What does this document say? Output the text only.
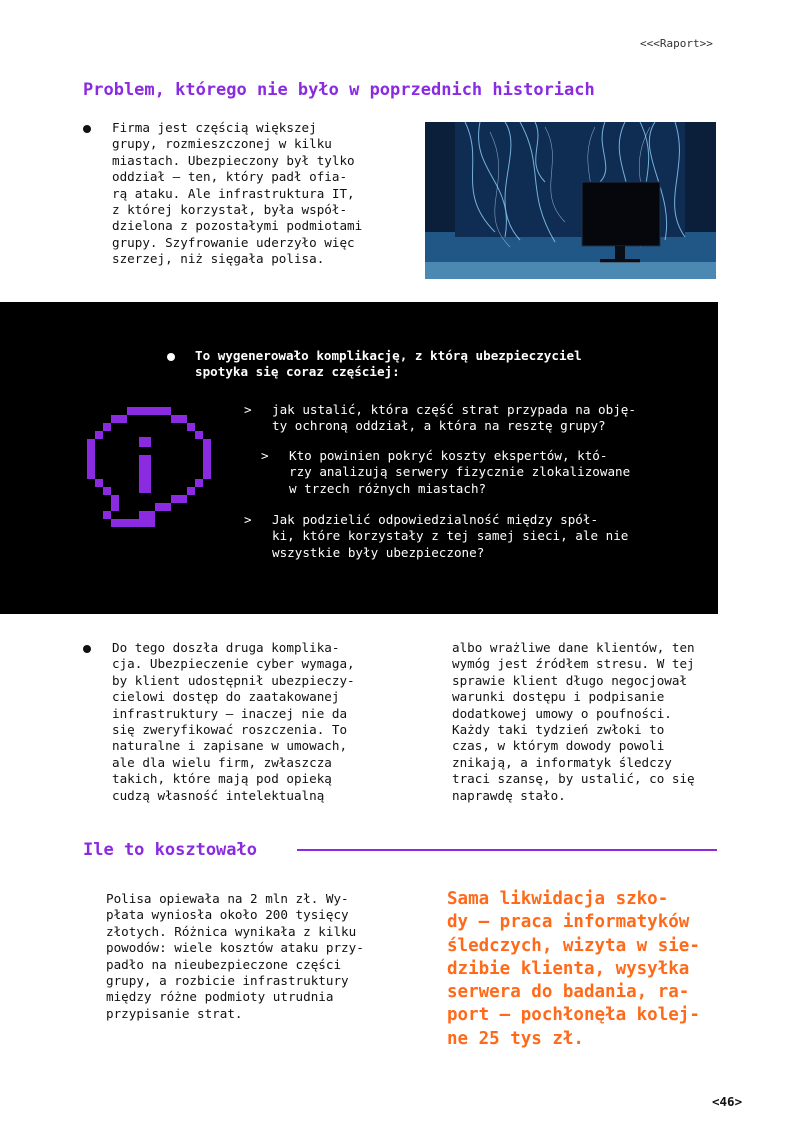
<<<Raport>>
Problem, którego nie było w poprzednich historiach

Firma jest częścią większej
grupy, rozmieszczonej w kilku
miastach. Ubezpieczony był tylko
oddział — ten, który padł ofia-
rą ataku. Ale infrastruktura IT,
z której korzystał, była współ-
dzielona z pozostałymi podmiotami
grupy. Szyfrowanie uderzyło więc
szerzej, niż sięgała polisa.

To wygenerowało komplikację, z którą ubezpieczyciel
spotyka się coraz częściej:

> jak ustalić, która część strat przypada na obję-
ty ochroną oddział, a która na resztę grupy?

> Kto powinien pokryć koszty ekspertów, któ-
rzy analizują serwery fizycznie zlokalizowane
w trzech różnych miastach?

> Jak podzielić odpowiedzialność między spół-
ki, które korzystały z tej samej sieci, ale nie
wszystkie były ubezpieczone?

Do tego doszła druga komplika-
cja. Ubezpieczenie cyber wymaga,
by klient udostępnił ubezpieczy-
cielowi dostęp do zaatakowanej
infrastruktury — inaczej nie da
się zweryfikować roszczenia. To
naturalne i zapisane w umowach,
ale dla wielu firm, zwłaszcza
takich, które mają pod opieką
cudzą własność intelektualną

albo wrażliwe dane klientów, ten
wymóg jest źródłem stresu. W tej
sprawie klient długo negocjował
warunki dostępu i podpisanie
dodatkowej umowy o poufności.
Każdy taki tydzień zwłoki to
czas, w którym dowody powoli
znikają, a informatyk śledczy
traci szansę, by ustalić, co się
naprawdę stało.

Ile to kosztowało

Polisa opiewała na 2 mln zł. Wy-
płata wyniosła około 200 tysięcy
złotych. Różnica wynikała z kilku
powodów: wiele kosztów ataku przy-
padło na nieubezpieczone części
grupy, a rozbicie infrastruktury
między różne podmioty utrudnia
przypisanie strat.

Sama likwidacja szko-
dy — praca informatyków
śledczych, wizyta w sie-
dzibie klienta, wysyłka
serwera do badania, ra-
port — pochłonęła kolej-
ne 25 tys zł.

<46>
